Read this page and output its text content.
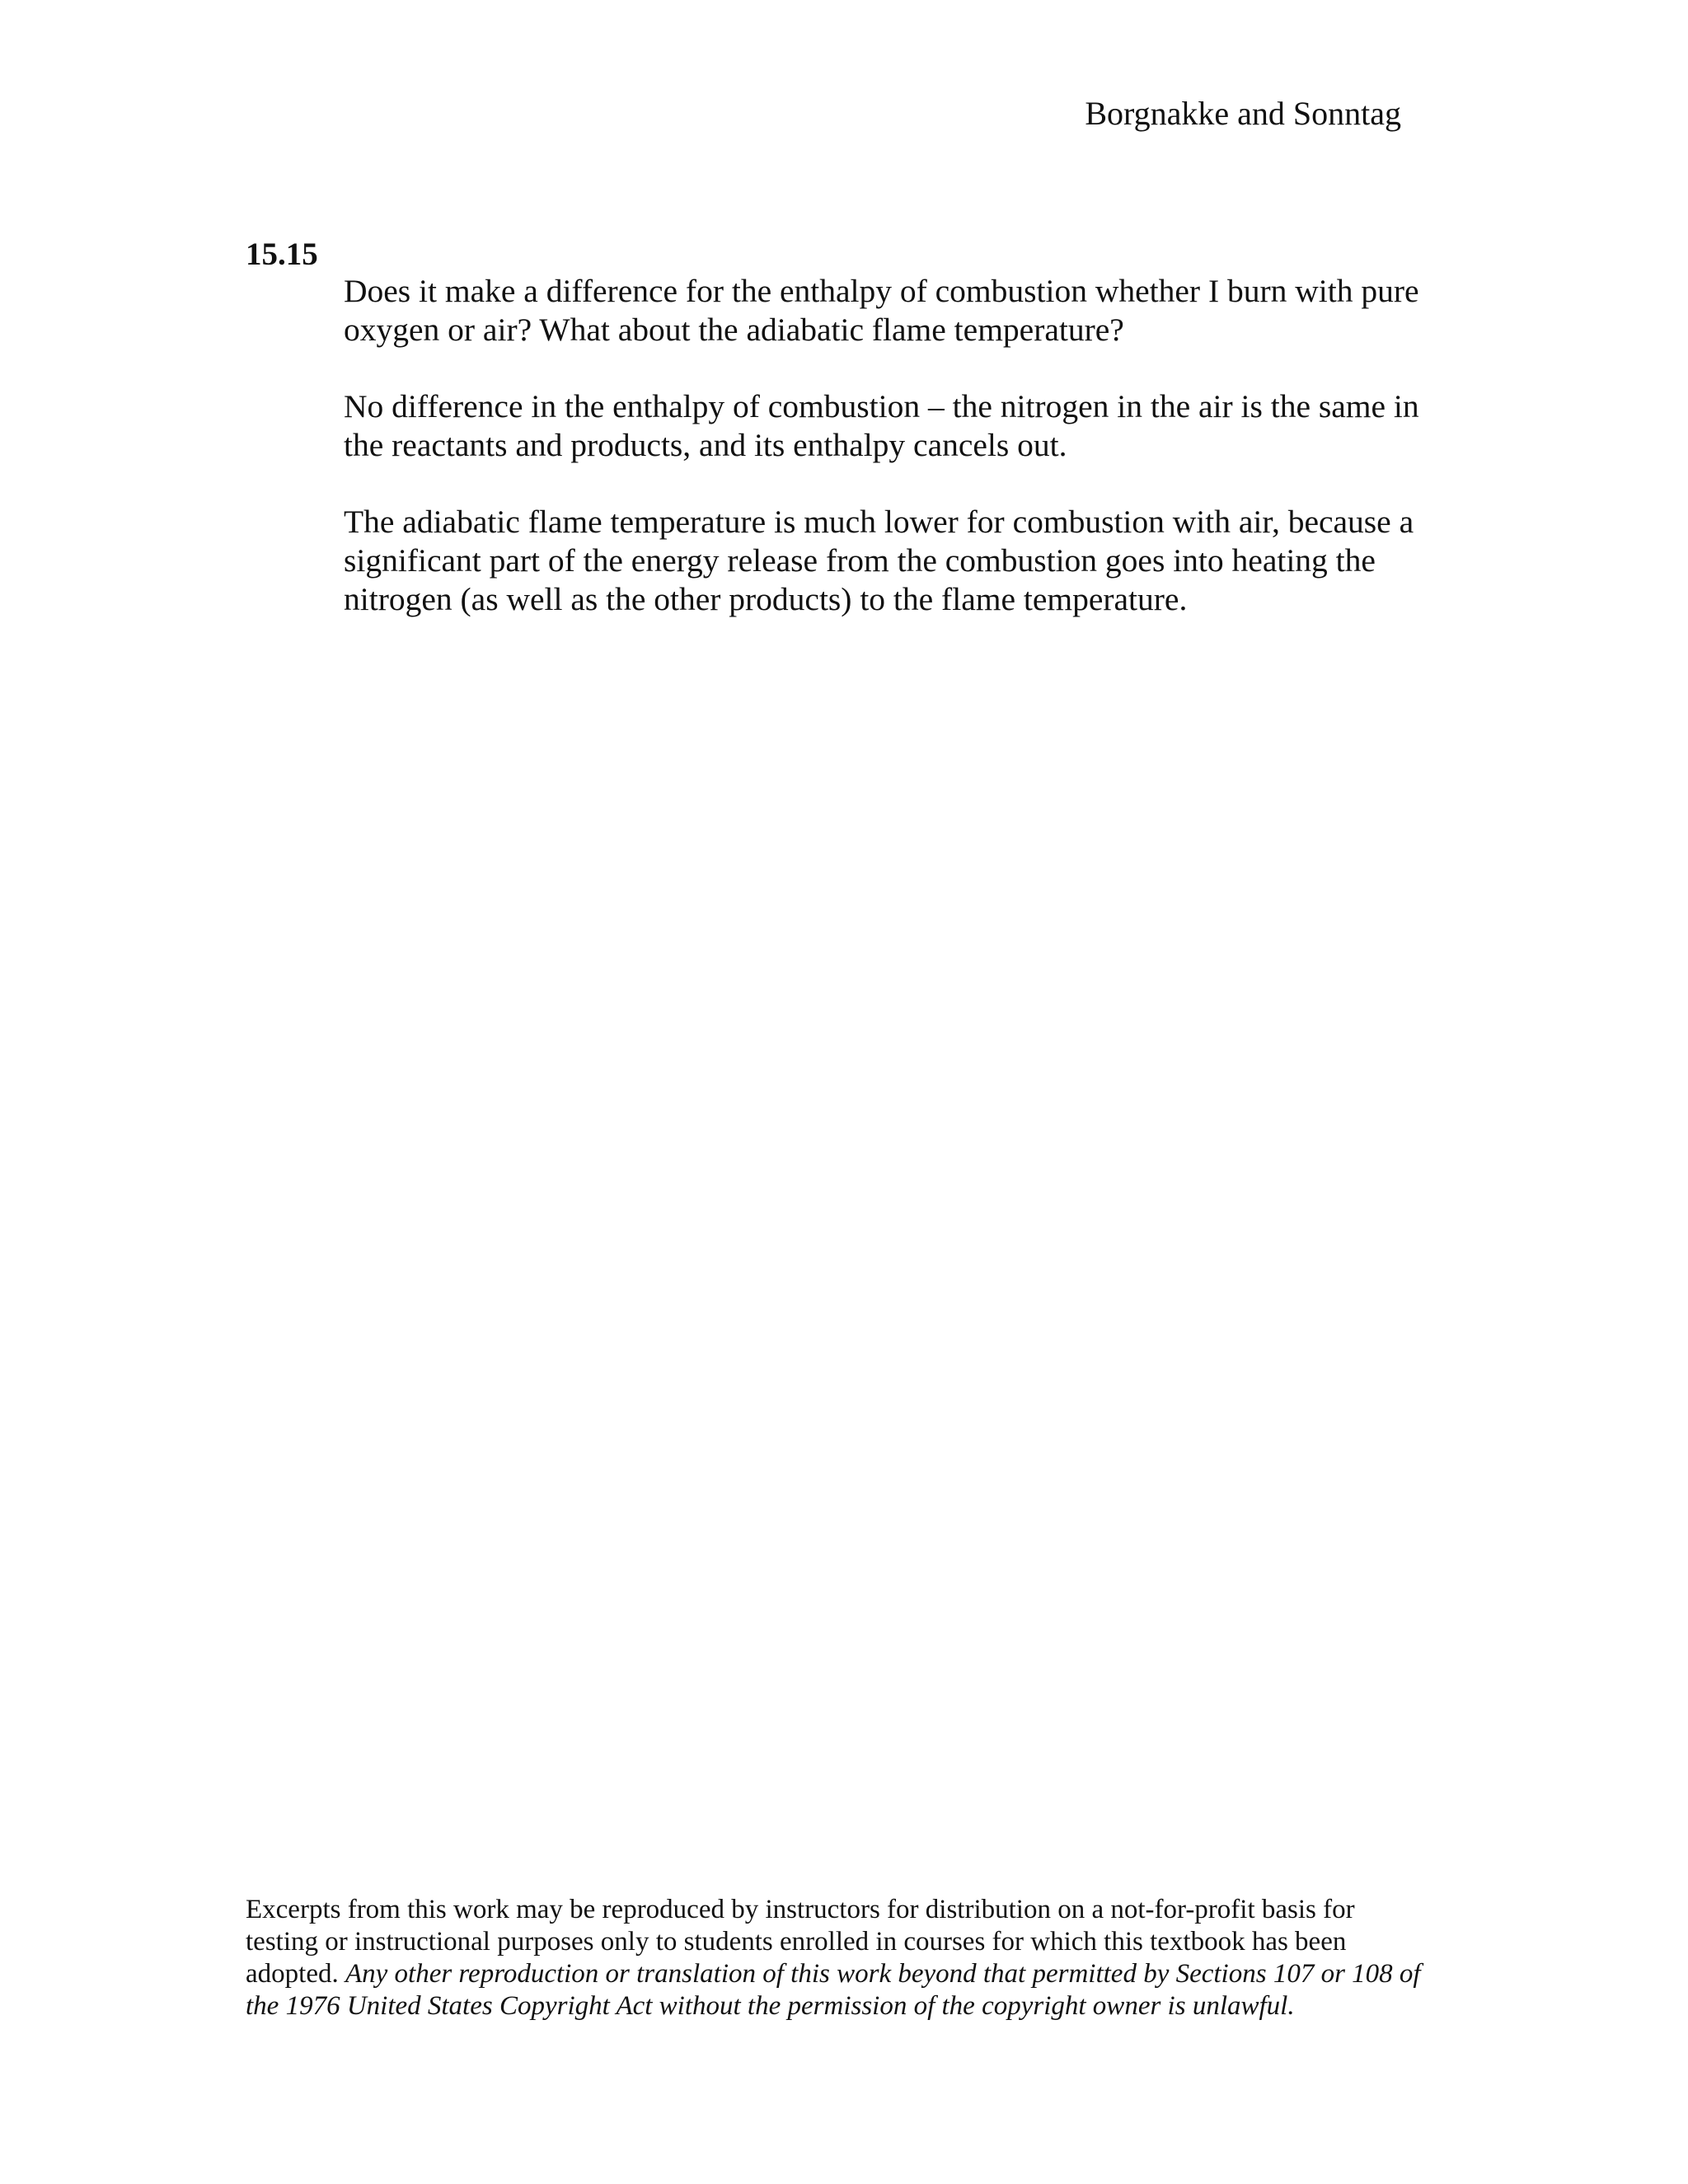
Borgnakke and Sonntag
15.15

Does it make a difference for the enthalpy of combustion whether I burn with pure oxygen or air? What about the adiabatic flame temperature?

No difference in the enthalpy of combustion – the nitrogen in the air is the same in the reactants and products, and its enthalpy cancels out.

The adiabatic flame temperature is much lower for combustion with air, because a significant part of the energy release from the combustion goes into heating the nitrogen (as well as the other products) to the flame temperature.

Excerpts from this work may be reproduced by instructors for distribution on a not-for-profit basis for testing or instructional purposes only to students enrolled in courses for which this textbook has been adopted. Any other reproduction or translation of this work beyond that permitted by Sections 107 or 108 of the 1976 United States Copyright Act without the permission of the copyright owner is unlawful.
